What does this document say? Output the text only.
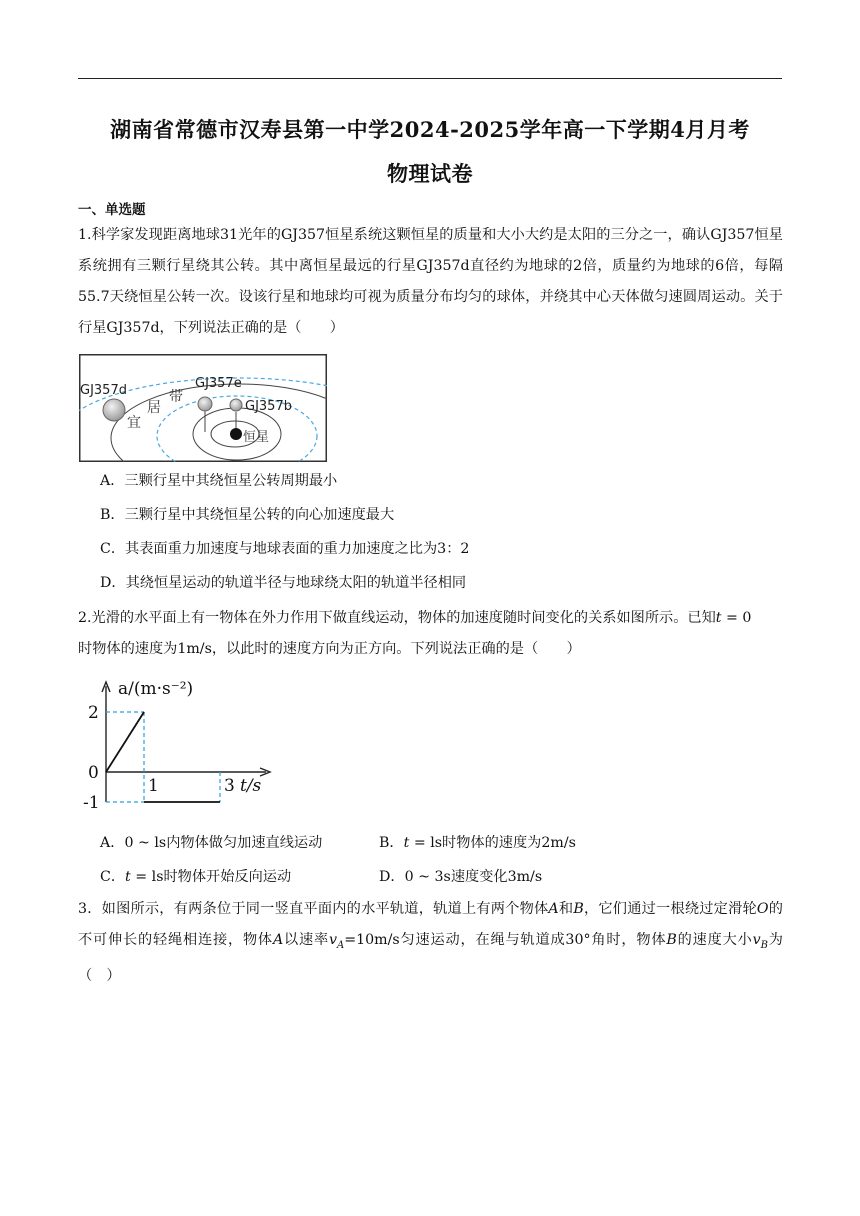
湖南省常德市汉寿县第一中学2024-2025学年高一下学期4月月考
物理试卷
一、单选题
1.科学家发现距离地球31光年的GJ357恒星系统这颗恒星的质量和大小大约是太阳的三分之一，确认GJ357恒星系统拥有三颗行星绕其公转。其中离恒星最远的行星GJ357d直径约为地球的2倍，质量约为地球的6倍，每隔55.7天绕恒星公转一次。设该行星和地球均可视为质量分布均匀的球体，并绕其中心天体做匀速圆周运动。关于行星GJ357d，下列说法正确的是（　　）
GJ357d	GJ357e
GJ357b
宜
居
带
恒星
A．三颗行星中其绕恒星公转周期最小
B．三颗行星中其绕恒星公转的向心加速度最大
C．其表面重力加速度与地球表面的重力加速度之比为3：2
D．其绕恒星运动的轨道半径与地球绕太阳的轨道半径相同
2.光滑的水平面上有一物体在外力作用下做直线运动，物体的加速度随时间变化的关系如图所示。已知t = 0
时物体的速度为1m/s，以此时的速度方向为正方向。下列说法正确的是（　　）
2
0
-1
1	3
a/(m·s⁻²)
t/s
A．0 ~ ls内物体做匀加速直线运动	B．t = ls时物体的速度为2m/s
C．t = ls时物体开始反向运动	D．0 ~ 3s速度变化3m/s
3．如图所示，有两条位于同一竖直平面内的水平轨道，轨道上有两个物体A和B，它们通过一根绕过定滑轮O的不可伸长的轻绳相连接，物体A以速率$v_A=10m/s$匀速运动，在绳与轨道成30°角时，物体B的速度大小$v_B$为（　）
